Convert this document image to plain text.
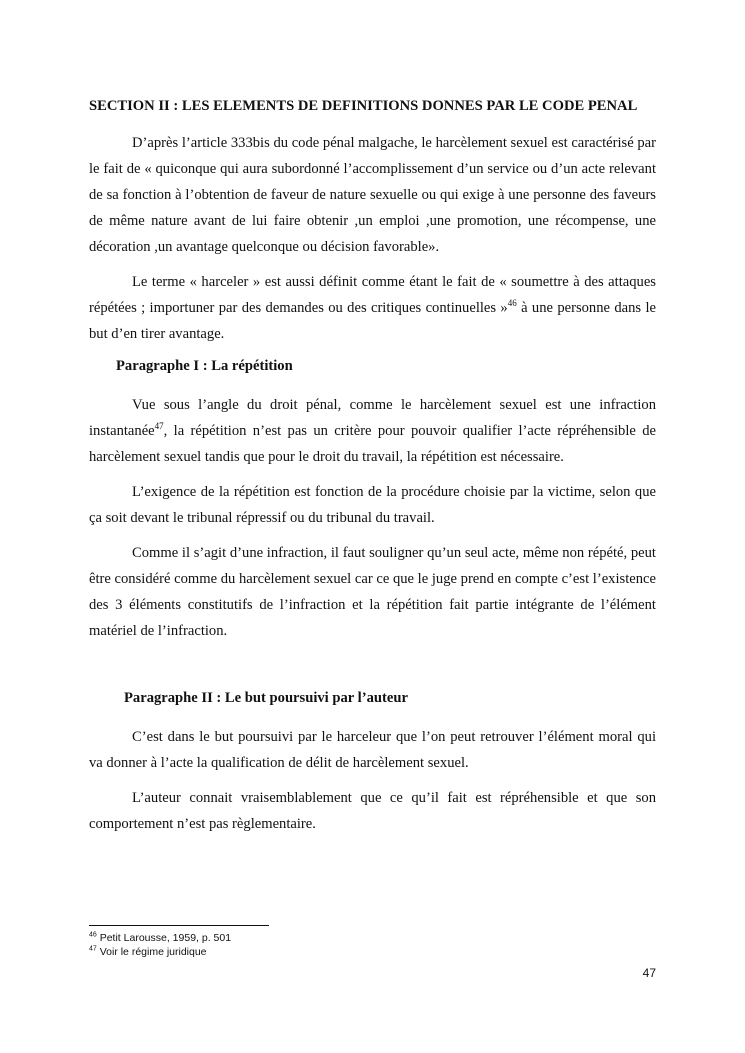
SECTION II : LES ELEMENTS DE DEFINITIONS DONNES PAR LE CODE PENAL

D’après l’article 333bis du code pénal malgache, le harcèlement sexuel est caractérisé par le fait de « quiconque qui aura subordonné l’accomplissement d’un service ou d’un acte relevant de sa fonction à l’obtention de faveur de nature sexuelle ou qui exige à une personne des faveurs de même nature avant de lui faire obtenir ,un emploi ,une promotion, une récompense, une décoration ,un avantage quelconque ou décision favorable».

Le terme « harceler » est aussi définit comme étant le fait de « soumettre à des attaques répétées ; importuner par des demandes ou des critiques continuelles »$^{46}$ à une personne dans le but d’en tirer avantage.

Paragraphe I : La répétition

Vue sous l’angle du droit pénal, comme le harcèlement sexuel est une infraction instantanée$^{47}$, la répétition n’est pas un critère pour pouvoir qualifier l’acte répréhensible de harcèlement sexuel tandis que pour le droit du travail, la répétition est nécessaire.

L’exigence de la répétition est fonction de la procédure choisie par la victime, selon que ça soit devant le tribunal répressif ou du tribunal du travail.

Comme il s’agit d’une infraction, il faut souligner qu’un seul acte, même non répété, peut être considéré comme du harcèlement sexuel car ce que le juge prend en compte c’est l’existence des 3 éléments constitutifs de l’infraction et la répétition fait partie intégrante de l’élément matériel de l’infraction.

Paragraphe II : Le but poursuivi par l’auteur

C’est dans le but poursuivi par le harceleur que l’on peut retrouver l’élément moral qui va donner à l’acte la qualification de délit de harcèlement sexuel.

L’auteur connait vraisemblablement que ce qu’il fait est répréhensible et que son comportement n’est pas règlementaire.

$^{46}$ Petit Larousse, 1959, p. 501
$^{47}$ Voir le régime juridique
47
